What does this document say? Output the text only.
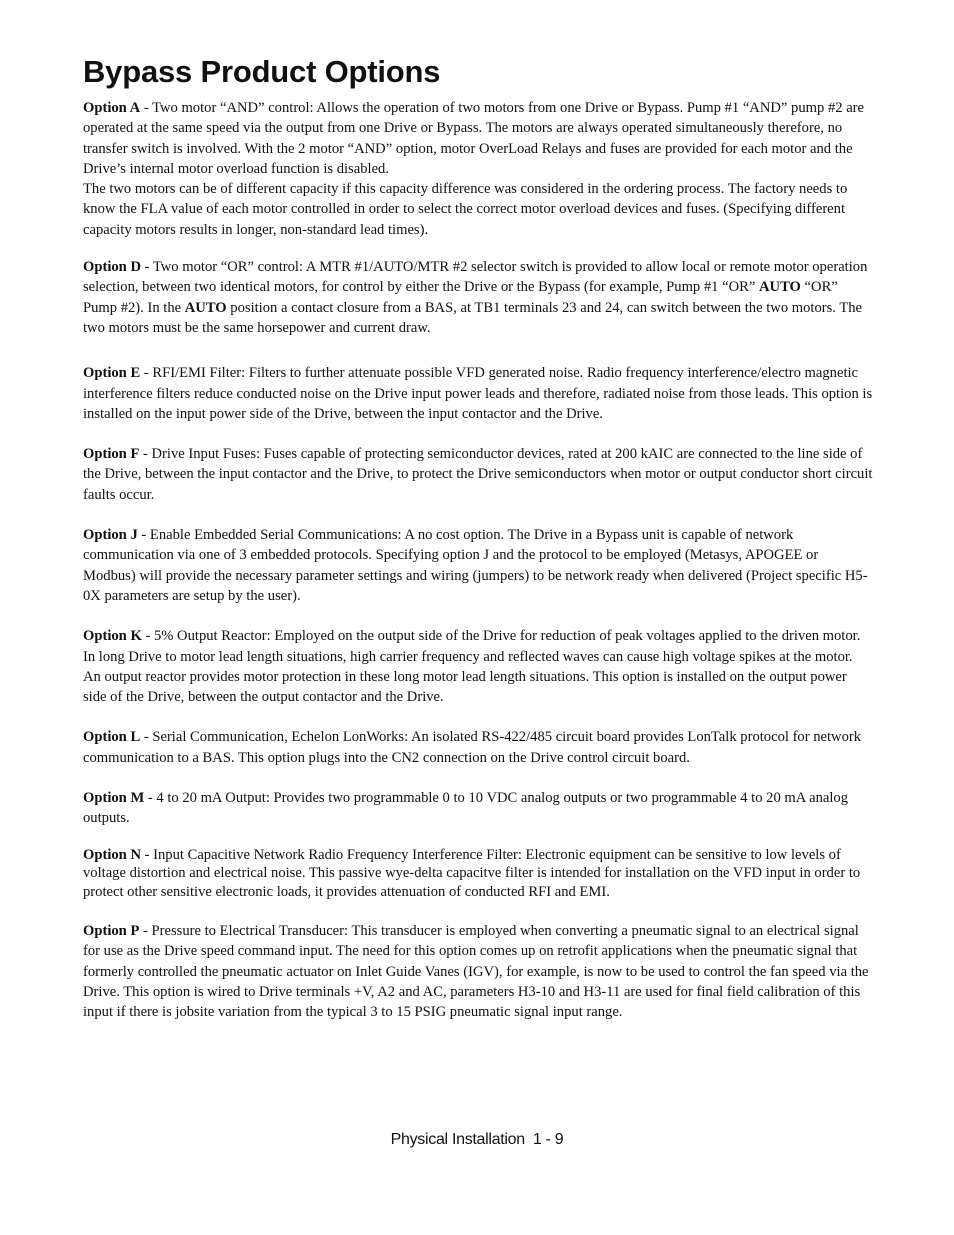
Bypass Product Options

Option A - Two motor “AND” control: Allows the operation of two motors from one Drive or Bypass. Pump #1 “AND” pump #2 are operated at the same speed via the output from one Drive or Bypass. The motors are always operated simultaneously therefore, no transfer switch is involved. With the 2 motor “AND” option, motor OverLoad Relays and fuses are provided for each motor and the Drive’s internal motor overload function is disabled.
The two motors can be of different capacity if this capacity difference was considered in the ordering process. The factory needs to know the FLA value of each motor controlled in order to select the correct motor overload devices and fuses. (Specifying different capacity motors results in longer, non-standard lead times).

Option D - Two motor “OR” control: A MTR #1/AUTO/MTR #2 selector switch is provided to allow local or remote motor operation selection, between two identical motors, for control by either the Drive or the Bypass (for example, Pump #1 “OR” AUTO “OR” Pump #2). In the AUTO position a contact closure from a BAS, at TB1 terminals 23 and 24, can switch between the two motors. The two motors must be the same horsepower and current draw.

Option E - RFI/EMI Filter: Filters to further attenuate possible VFD generated noise. Radio frequency interference/electro magnetic interference filters reduce conducted noise on the Drive input power leads and therefore, radiated noise from those leads. This option is installed on the input power side of the Drive, between the input contactor and the Drive.

Option F - Drive Input Fuses: Fuses capable of protecting semiconductor devices, rated at 200 kAIC are connected to the line side of the Drive, between the input contactor and the Drive, to protect the Drive semiconductors when motor or output conductor short circuit faults occur.

Option J - Enable Embedded Serial Communications: A no cost option. The Drive in a Bypass unit is capable of network communication via one of 3 embedded protocols. Specifying option J and the protocol to be employed (Metasys, APOGEE or Modbus) will provide the necessary parameter settings and wiring (jumpers) to be network ready when delivered (Project specific H5-0X parameters are setup by the user).

Option K - 5% Output Reactor: Employed on the output side of the Drive for reduction of peak voltages applied to the driven motor. In long Drive to motor lead length situations, high carrier frequency and reflected waves can cause high voltage spikes at the motor. An output reactor provides motor protection in these long motor lead length situations. This option is installed on the output power side of the Drive, between the output contactor and the Drive.

Option L - Serial Communication, Echelon LonWorks: An isolated RS-422/485 circuit board provides LonTalk protocol for network communication to a BAS. This option plugs into the CN2 connection on the Drive control circuit board.

Option M - 4 to 20 mA Output: Provides two programmable 0 to 10 VDC analog outputs or two programmable 4 to 20 mA analog outputs.

Option N - Input Capacitive Network Radio Frequency Interference Filter: Electronic equipment can be sensitive to low levels of voltage distortion and electrical noise. This passive wye-delta capacitve filter is intended for installation on the VFD input in order to protect other sensitive electronic loads, it provides attenuation of conducted RFI and EMI.

Option P - Pressure to Electrical Transducer: This transducer is employed when converting a pneumatic signal to an electrical signal for use as the Drive speed command input. The need for this option comes up on retrofit applications when the pneumatic signal that formerly controlled the pneumatic actuator on Inlet Guide Vanes (IGV), for example, is now to be used to control the fan speed via the Drive. This option is wired to Drive terminals +V, A2 and AC, parameters H3-10 and H3-11 are used for final field calibration of this input if there is jobsite variation from the typical 3 to 15 PSIG pneumatic signal input range.

Physical Installation 1 - 9
